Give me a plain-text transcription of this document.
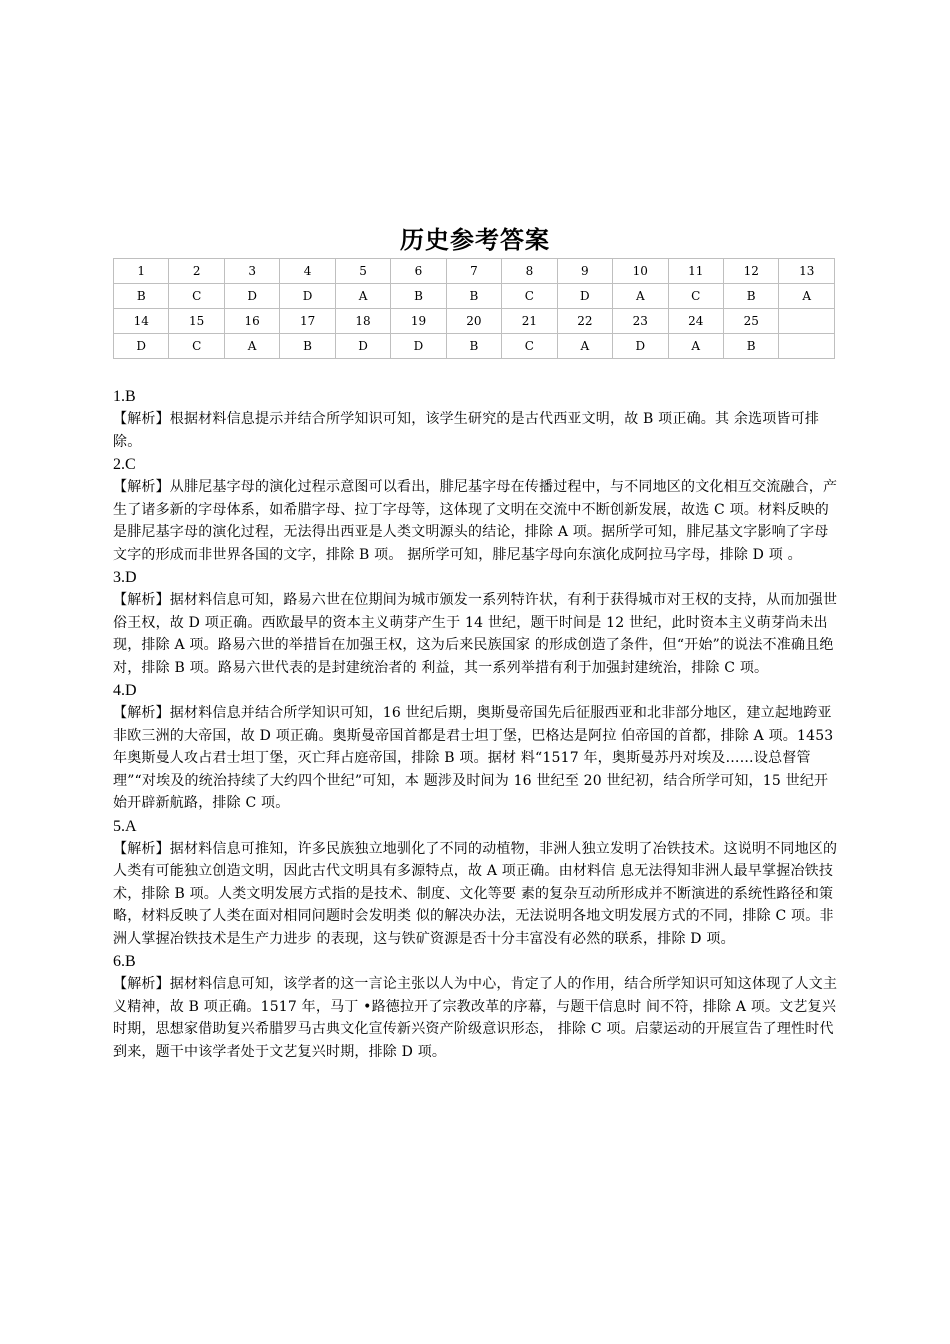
历史参考答案
1	2	3	4	5	6	7	8	9	10	11	12	13
B	C	D	D	A	B	B	C	D	A	C	B	A
14	15	16	17	18	19	20	21	22	23	24	25	
D	C	A	B	D	D	B	C	A	D	A	B	

1.B

【解析】根据材料信息提示并结合所学知识可知，该学生研究的是古代西亚文明，故 B 项正确。其 余选项皆可排除。

2.C

【解析】从腓尼基字母的演化过程示意图可以看出，腓尼基字母在传播过程中，与不同地区的文化相互交流融合，产生了诸多新的字母体系，如希腊字母、拉丁字母等，这体现了文明在交流中不断创新发展，故选 C 项。材料反映的是腓尼基字母的演化过程，无法得出西亚是人类文明源头的结论，排除 A 项。据所学可知，腓尼基文字影响了字母文字的形成而非世界各国的文字，排除 B 项。 据所学可知，腓尼基字母向东演化成阿拉马字母，排除 D 项 。

3.D

【解析】据材料信息可知，路易六世在位期间为城市颁发一系列特许状，有利于获得城市对王权的支持，从而加强世俗王权，故 D 项正确。西欧最早的资本主义萌芽产生于 14 世纪，题干时间是 12 世纪，此时资本主义萌芽尚未出现，排除 A 项。路易六世的举措旨在加强王权，这为后来民族国家 的形成创造了条件，但“开始”的说法不准确且绝对，排除 B 项。路易六世代表的是封建统治者的 利益，其一系列举措有利于加强封建统治，排除 C 项。

4.D

【解析】据材料信息并结合所学知识可知，16 世纪后期，奥斯曼帝国先后征服西亚和北非部分地区，建立起地跨亚非欧三洲的大帝国，故 D 项正确。奥斯曼帝国首都是君士坦丁堡，巴格达是阿拉 伯帝国的首都，排除 A 项。1453 年奥斯曼人攻占君士坦丁堡，灭亡拜占庭帝国，排除 B 项。据材 料“1517 年，奥斯曼苏丹对埃及……设总督管理”“对埃及的统治持续了大约四个世纪”可知，本 题涉及时间为 16 世纪至 20 世纪初，结合所学可知，15 世纪开始开辟新航路，排除 C 项。

5.A

【解析】据材料信息可推知，许多民族独立地驯化了不同的动植物，非洲人独立发明了冶铁技术。这说明不同地区的人类有可能独立创造文明，因此古代文明具有多源特点，故 A 项正确。由材料信 息无法得知非洲人最早掌握冶铁技术，排除 B 项。人类文明发展方式指的是技术、制度、文化等要 素的复杂互动所形成并不断演进的系统性路径和策略，材料反映了人类在面对相同问题时会发明类 似的解决办法，无法说明各地文明发展方式的不同，排除 C 项。非洲人掌握冶铁技术是生产力进步 的表现，这与铁矿资源是否十分丰富没有必然的联系，排除 D 项。

6.B

【解析】据材料信息可知，该学者的这一言论主张以人为中心，肯定了人的作用，结合所学知识可知这体现了人文主义精神，故 B 项正确。1517 年，马丁 •路德拉开了宗教改革的序幕，与题干信息时 间不符，排除 A 项。文艺复兴时期，思想家借助复兴希腊罗马古典文化宣传新兴资产阶级意识形态， 排除 C 项。启蒙运动的开展宣告了理性时代到来，题干中该学者处于文艺复兴时期，排除 D 项。
